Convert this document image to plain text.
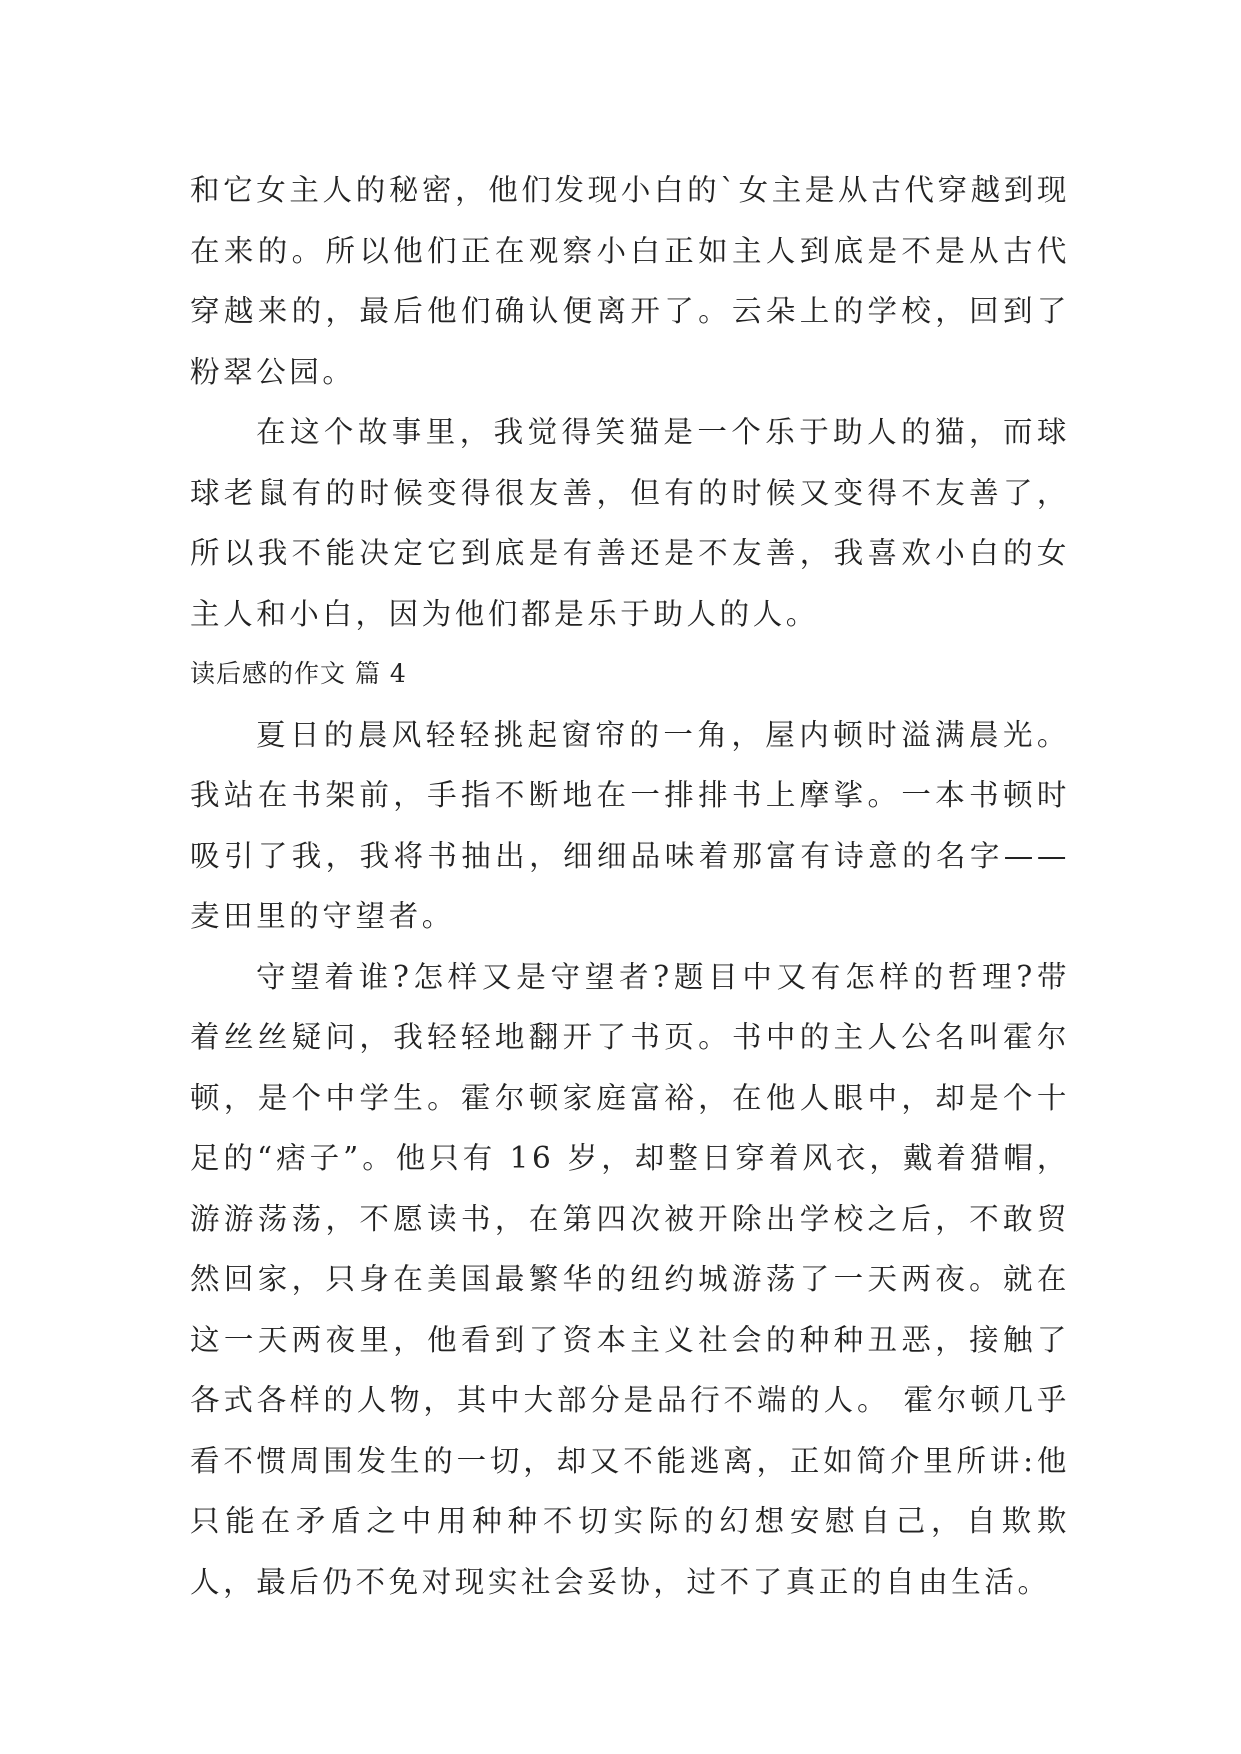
和它女主人的秘密，他们发现小白的`女主是从古代穿越到现在来的。所以他们正在观察小白正如主人到底是不是从古代穿越来的，最后他们确认便离开了。云朵上的学校，回到了粉翠公园。

在这个故事里，我觉得笑猫是一个乐于助人的猫，而球球老鼠有的时候变得很友善，但有的时候又变得不友善了，所以我不能决定它到底是有善还是不友善，我喜欢小白的女主人和小白，因为他们都是乐于助人的人。

读后感的作文 篇 4

夏日的晨风轻轻挑起窗帘的一角，屋内顿时溢满晨光。我站在书架前，手指不断地在一排排书上摩挲。一本书顿时吸引了我，我将书抽出，细细品味着那富有诗意的名字——麦田里的守望者。

守望着谁?怎样又是守望者?题目中又有怎样的哲理?带着丝丝疑问，我轻轻地翻开了书页。书中的主人公名叫霍尔顿，是个中学生。霍尔顿家庭富裕，在他人眼中，却是个十足的“痞子”。他只有 16 岁，却整日穿着风衣，戴着猎帽，游游荡荡，不愿读书，在第四次被开除出学校之后，不敢贸然回家，只身在美国最繁华的纽约城游荡了一天两夜。就在这一天两夜里，他看到了资本主义社会的种种丑恶，接触了各式各样的人物，其中大部分是品行不端的人。 霍尔顿几乎看不惯周围发生的一切，却又不能逃离，正如简介里所讲:他只能在矛盾之中用种种不切实际的幻想安慰自己，自欺欺人，最后仍不免对现实社会妥协，过不了真正的自由生活。
